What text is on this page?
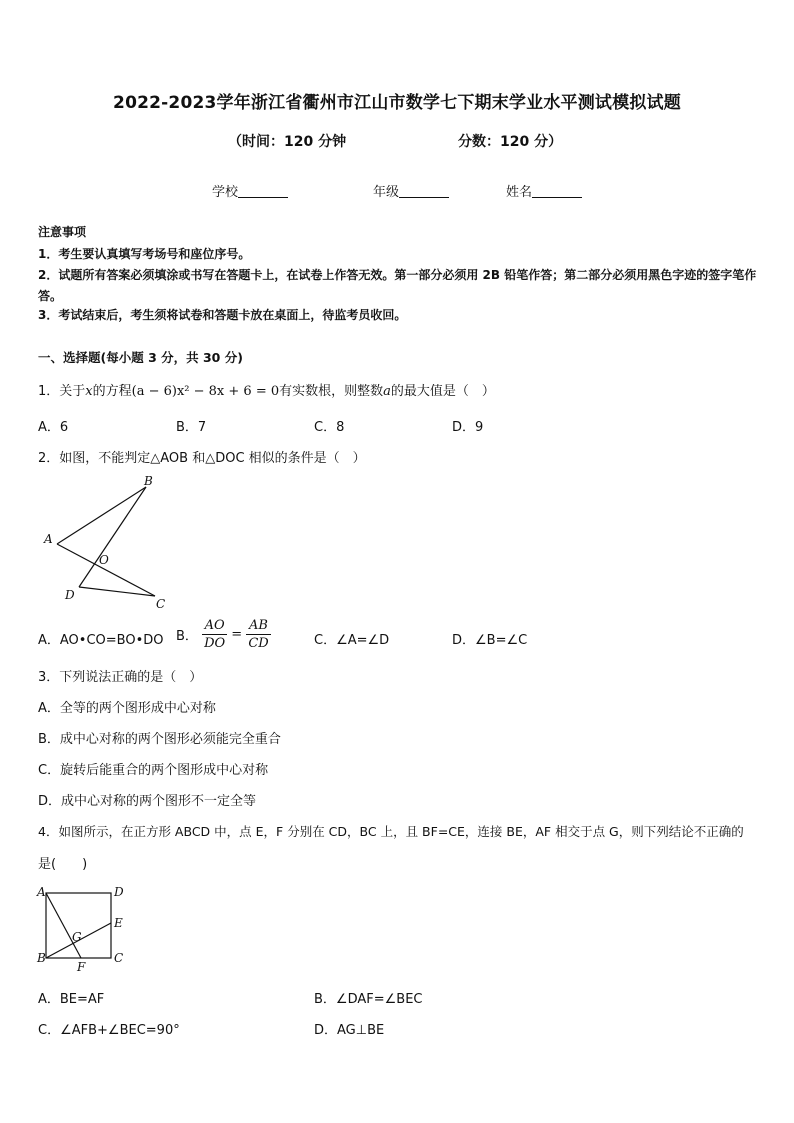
2022-2023学年浙江省衢州市江山市数学七下期末学业水平测试模拟试题
（时间：120 分钟	分数：120 分）
学校	年级	姓名
注意事项
1．考生要认真填写考场号和座位序号。
2．试题所有答案必须填涂或书写在答题卡上，在试卷上作答无效。第一部分必须用 2B 铅笔作答；第二部分必须用黑色字迹的签字笔作答。
3．考试结束后，考生须将试卷和答题卡放在桌面上，待监考员收回。
一、选择题(每小题 3 分，共 30 分)
1．关于x的方程(a − 6)x² − 8x + 6 = 0有实数根，则整数a的最大值是（　）
A．6	B．7	C．8	D．9
2．如图，不能判定△AOB 和△DOC 相似的条件是（　）
A
B
O
D
C
A．AO•CO=BO•DO B． $\frac{AO}{DO} = \frac{AB}{CD}$	C．∠A=∠D	D．∠B=∠C
3．下列说法正确的是（　）
A．全等的两个图形成中心对称
B．成中心对称的两个图形必须能完全重合
C．旋转后能重合的两个图形成中心对称
D．成中心对称的两个图形不一定全等
4．如图所示，在正方形 ABCD 中，点 E，F 分别在 CD，BC 上，且 BF=CE，连接 BE，AF 相交于点 G，则下列结论不正确的
是(　　)
A	D
E
G
B
F
C
A．BE=AF	B．∠DAF=∠BEC
C．∠AFB+∠BEC=90°	D．AG⊥BE
